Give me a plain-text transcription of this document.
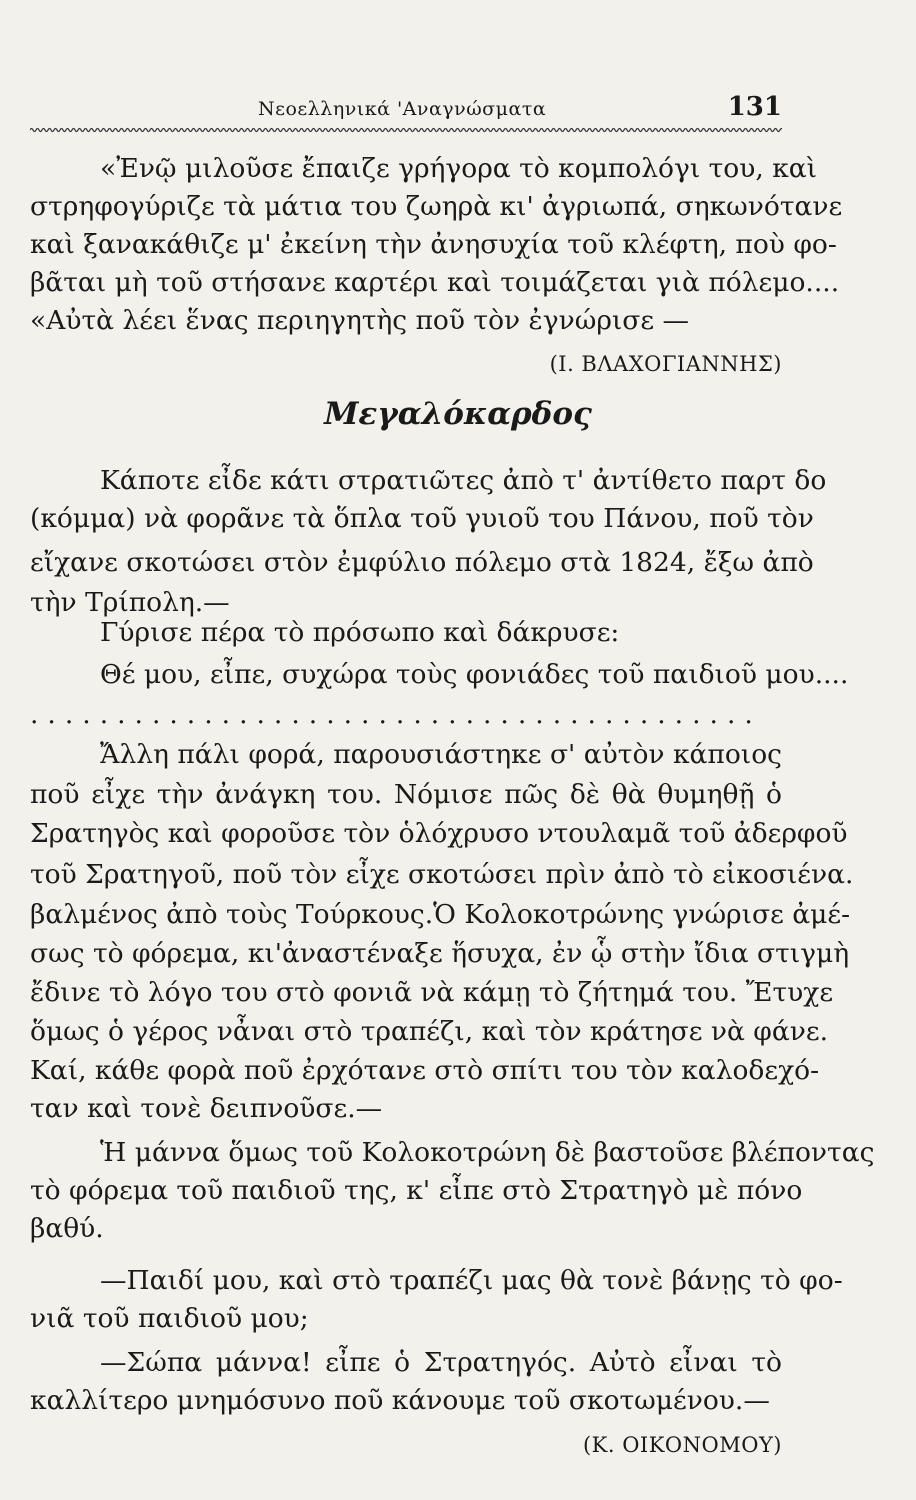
Νεοελληνικά 'Αναγνώσματα	131
«Ἐνῷ μιλοῦσε ἔπαιζε γρήγορα τὸ κομπολόγι του, καὶ
στρηφογύριζε τὰ μάτια του ζωηρὰ κι' ἀγριωπά, σηκωνότανε
καὶ ξανακάθιζε μ' ἐκείνη τὴν ἀνησυχία τοῦ κλέφτη, ποὺ φο-
βᾶται μὴ τοῦ στήσανε καρτέρι καὶ τοιμάζεται γιὰ πόλεμο....
«Αὐτὰ λέει ἕνας περιηγητὴς ποῦ τὸν ἐγνώρισε —
(Ι. ΒΛΑΧΟΓΙΑΝΝΗΣ)
Μεγαλόκαρδος
Κάποτε εἶδε κάτι στρατιῶτες ἀπὸ τ' ἀντίθετο παρτ δο
(κόμμα) νὰ φορᾶνε τὰ ὅπλα τοῦ γυιοῦ του Πάνου, ποῦ τὸν
εἴχανε σκοτώσει στὸν ἐμφύλιο πόλεμο στὰ 1824, ἔξω ἀπὸ
τὴν Τρίπολη.—
Γύρισε πέρα τὸ πρόσωπο καὶ δάκρυσε:
Θέ μου, εἶπε, συχώρα τοὺς φονιάδες τοῦ παιδιοῦ μου....
..........................................
Ἄλλη πάλι φορά, παρουσιάστηκε σ' αὐτὸν κάποιος
ποῦ εἶχε τὴν ἀνάγκη του. Νόμισε πῶς δὲ θὰ θυμηθῇ ὁ
Σρατηγὸς καὶ φοροῦσε τὸν ὁλόχρυσο ντουλαμᾶ τοῦ ἀδερφοῦ
τοῦ Σρατηγοῦ, ποῦ τὸν εἶχε σκοτώσει πρὶν ἀπὸ τὸ εἰκοσιένα.
βαλμένος ἀπὸ τοὺς Τούρκους.Ὁ Κολοκοτρώνης γνώρισε ἀμέ-
σως τὸ φόρεμα, κι'ἀναστέναξε ἥσυχα, ἐν ᾧ στὴν ἴδια στιγμὴ
ἔδινε τὸ λόγο του στὸ φονιᾶ νὰ κάμῃ τὸ ζήτημά του. Ἔτυχε
ὅμως ὁ γέρος νἆναι στὸ τραπέζι, καὶ τὸν κράτησε νὰ φάνε.
Καί, κάθε φορὰ ποῦ ἐρχότανε στὸ σπίτι του τὸν καλοδεχό-
ταν καὶ τονὲ δειπνοῦσε.—
Ἡ μάννα ὅμως τοῦ Κολοκοτρώνη δὲ βαστοῦσε βλέποντας
τὸ φόρεμα τοῦ παιδιοῦ της, κ' εἶπε στὸ Στρατηγὸ μὲ πόνο
βαθύ.
—Παιδί μου, καὶ στὸ τραπέζι μας θὰ τονὲ βάνῃς τὸ φο-
νιᾶ τοῦ παιδιοῦ μου;
—Σώπα μάννα! εἶπε ὁ Στρατηγός. Αὐτὸ εἶναι τὸ
καλλίτερο μνημόσυνο ποῦ κάνουμε τοῦ σκοτωμένου.—
(Κ. ΟΙΚΟΝΟΜΟΥ)
